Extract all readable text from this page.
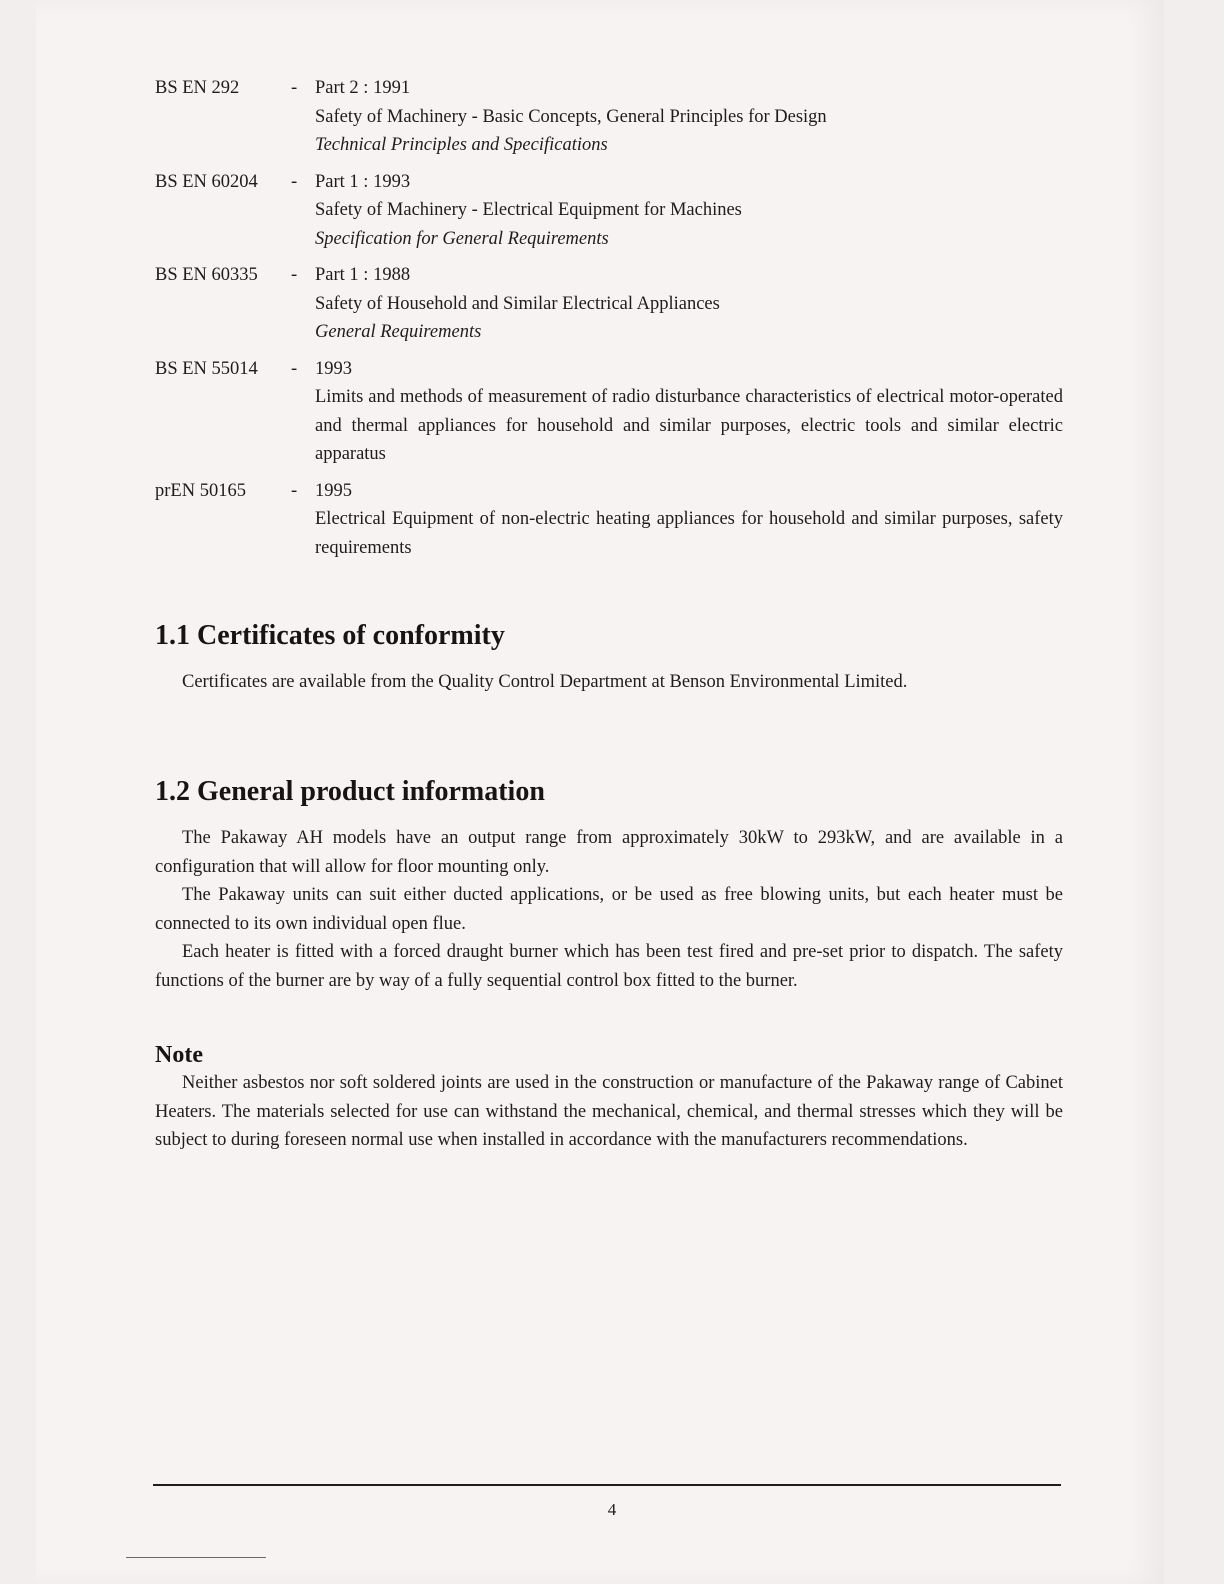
BS EN 292	- Part 2 : 1991
Safety of Machinery - Basic Concepts, General Principles for Design
Technical Principles and Specifications
BS EN 60204	- Part 1 : 1993
Safety of Machinery - Electrical Equipment for Machines
Specification for General Requirements
BS EN 60335	- Part 1 : 1988
Safety of Household and Similar Electrical Appliances
General Requirements
BS EN 55014	- 1993
Limits and methods of measurement of radio disturbance characteristics of electrical motor-operated and thermal appliances for household and similar purposes, electric tools and similar electric apparatus
prEN 50165	- 1995
Electrical Equipment of non-electric heating appliances for household and similar purposes, safety requirements
1.1 Certificates of conformity

Certificates are available from the Quality Control Department at Benson Environmental Limited.

1.2 General product information

The Pakaway AH models have an output range from approximately 30kW to 293kW, and are available in a configuration that will allow for floor mounting only.

The Pakaway units can suit either ducted applications, or be used as free blowing units, but each heater must be connected to its own individual open flue.

Each heater is fitted with a forced draught burner which has been test fired and pre-set prior to dispatch. The safety functions of the burner are by way of a fully sequential control box fitted to the burner.

Note

Neither asbestos nor soft soldered joints are used in the construction or manufacture of the Pakaway range of Cabinet Heaters. The materials selected for use can withstand the mechanical, chemical, and thermal stresses which they will be subject to during foreseen normal use when installed in accordance with the manufacturers recommendations.

4
